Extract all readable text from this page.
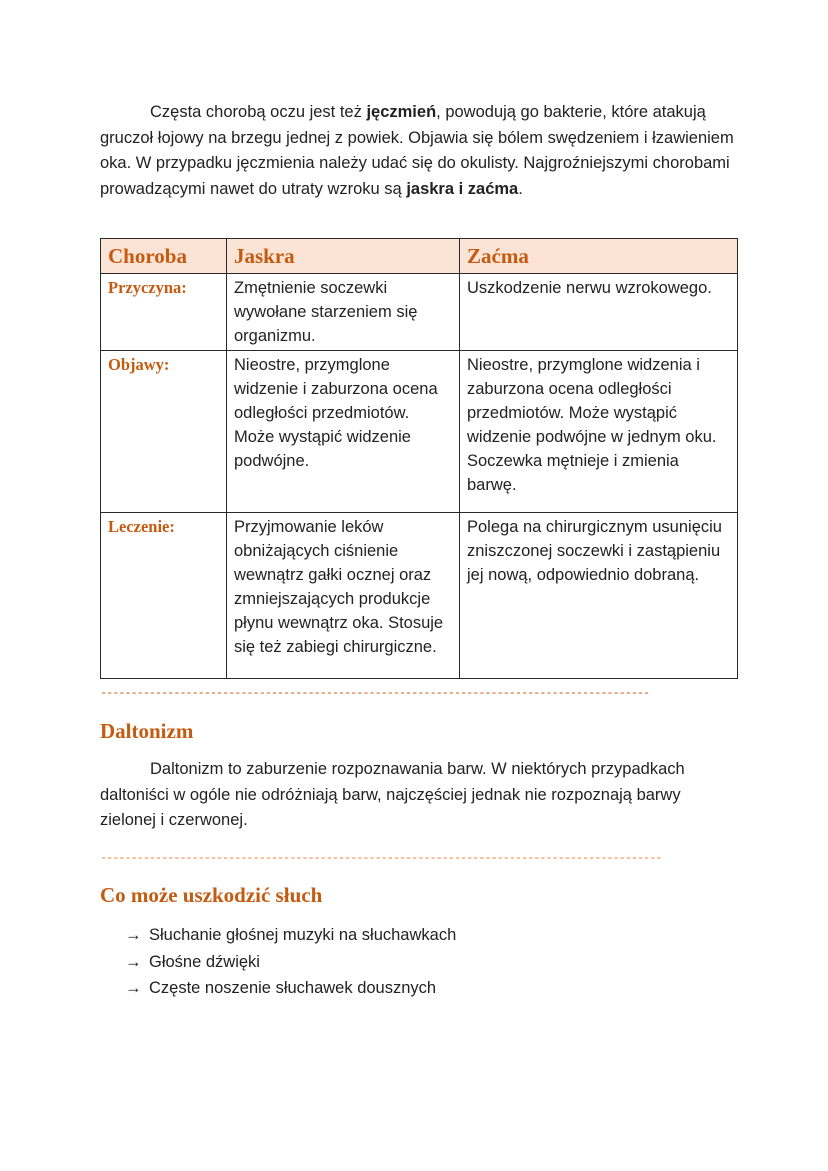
Częsta chorobą oczu jest też jęczmień, powodują go bakterie, które atakują gruczoł łojowy na brzegu jednej z powiek. Objawia się bólem swędzeniem i łzawieniem oka. W przypadku jęczmienia należy udać się do okulisty. Najgroźniejszymi chorobami prowadzącymi nawet do utraty wzroku są jaskra i zaćma.

Choroba	Jaskra	Zaćma
Przyczyna:	Zmętnienie soczewki wywołane starzeniem się organizmu.	Uszkodzenie nerwu wzrokowego.
Objawy:	Nieostre, przymglone widzenie i zaburzona ocena odległości przedmiotów. Może wystąpić widzenie podwójne.	Nieostre, przymglone widzenia i zaburzona ocena odległości przedmiotów. Może wystąpić widzenie podwójne w jednym oku. Soczewka mętnieje i zmienia barwę.
Leczenie:	Przyjmowanie leków obniżających ciśnienie wewnątrz gałki ocznej oraz zmniejszających produkcje płynu wewnątrz oka. Stosuje się też zabiegi chirurgiczne.	Polega na chirurgicznym usunięciu zniszczonej soczewki i zastąpieniu jej nową, odpowiednio dobraną.
------------------------------------------------------------------------------------------
Daltonizm

Daltonizm to zaburzenie rozpoznawania barw. W niektórych przypadkach daltoniści w ogóle nie odróżniają barw, najczęściej jednak nie rozpoznają barwy zielonej i czerwonej.

--------------------------------------------------------------------------------------------
Co może uszkodzić słuch
→ Słuchanie głośnej muzyki na słuchawkach
→ Głośne dźwięki
→ Częste noszenie słuchawek dousznych
